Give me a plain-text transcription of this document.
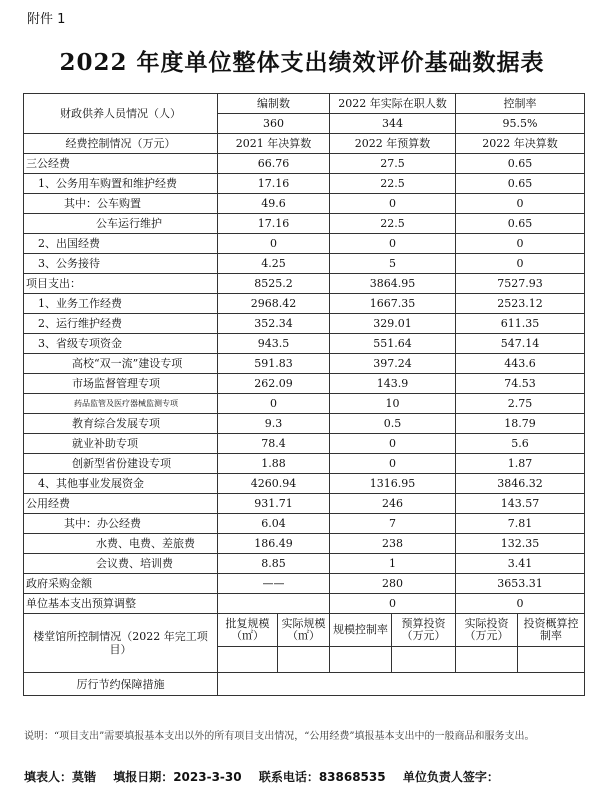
附件 1
2022 年度单位整体支出绩效评价基础数据表
财政供养人员情况（人）	编制数		2022 年实际在职人数		控制率	
	360		344		95.5%	
经费控制情况（万元）	2021 年决算数		2022 年预算数		2022 年决算数	
三公经费	66.76		27.5		0.65	
1、公务用车购置和维护经费	17.16		22.5		0.65	
其中：公车购置	49.6		0		0	
公车运行维护	17.16		22.5		0.65	
2、出国经费	0		0		0	
3、公务接待	4.25		5		0	
项目支出：	8525.2		3864.95		7527.93	
1、业务工作经费	2968.42		1667.35		2523.12	
2、运行维护经费	352.34		329.01		611.35	
3、省级专项资金	943.5		551.64		547.14	
高校“双一流”建设专项	591.83		397.24		443.6	
市场监督管理专项	262.09		143.9		74.53	
药品监管及医疗器械监测专项	0		10		2.75	
教育综合发展专项	9.3		0.5		18.79	
就业补助专项	78.4		0		5.6	
创新型省份建设专项	1.88		0		1.87	
4、其他事业发展资金	4260.94		1316.95		3846.32	
公用经费	931.71		246		143.57	
其中：办公经费	6.04		7		7.81	
水费、电费、差旅费	186.49		238		132.35	
会议费、培训费	8.85		1		3.41	
政府采购金额	——		280		3653.31	
单位基本支出预算调整			0		0	
楼堂馆所控制情况（2022 年完工项目）	批复规模（㎡）	实际规模（㎡）	规模控制率	预算投资（万元）	实际投资（万元）	投资概算控制率

厉行节约保障措施						
说明：“项目支出”需要填报基本支出以外的所有项目支出情况，“公用经费”填报基本支出中的一般商品和服务支出。
填表人：莫锴 填报日期：2023-3-30 联系电话：83868535 单位负责人签字：
